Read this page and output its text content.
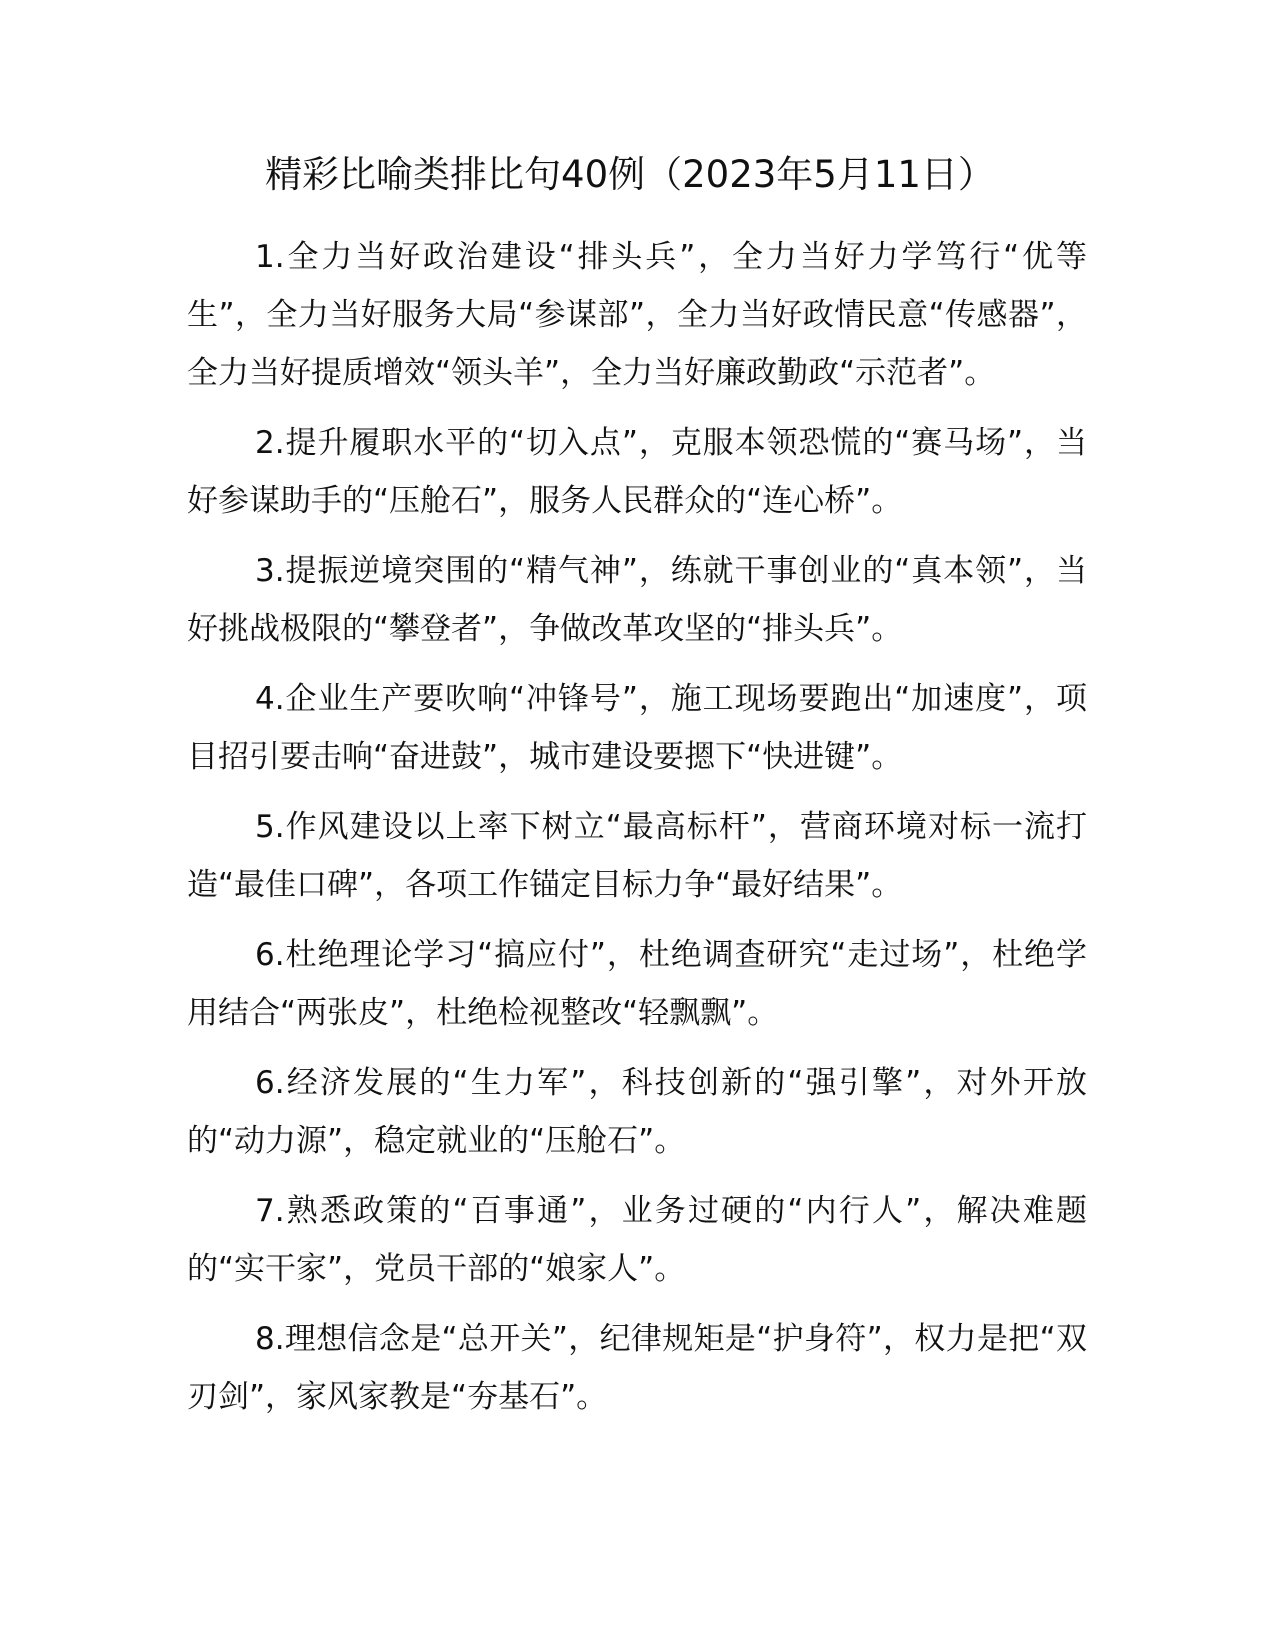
精彩比喻类排比句40例（2023年5月11日）

1.全力当好政治建设“排头兵”，全力当好力学笃行“优等生”，全力当好服务大局“参谋部”，全力当好政情民意“传感器”，全力当好提质增效“领头羊”，全力当好廉政勤政“示范者”。

2.提升履职水平的“切入点”，克服本领恐慌的“赛马场”，当好参谋助手的“压舱石”，服务人民群众的“连心桥”。

3.提振逆境突围的“精气神”，练就干事创业的“真本领”，当好挑战极限的“攀登者”，争做改革攻坚的“排头兵”。

4.企业生产要吹响“冲锋号”，施工现场要跑出“加速度”，项目招引要击响“奋进鼓”，城市建设要摁下“快进键”。

5.作风建设以上率下树立“最高标杆”，营商环境对标一流打造“最佳口碑”，各项工作锚定目标力争“最好结果”。

6.杜绝理论学习“搞应付”，杜绝调查研究“走过场”，杜绝学用结合“两张皮”，杜绝检视整改“轻飘飘”。

6.经济发展的“生力军”，科技创新的“强引擎”，对外开放的“动力源”，稳定就业的“压舱石”。

7.熟悉政策的“百事通”，业务过硬的“内行人”，解决难题的“实干家”，党员干部的“娘家人”。

8.理想信念是“总开关”，纪律规矩是“护身符”，权力是把“双刃剑”，家风家教是“夯基石”。
